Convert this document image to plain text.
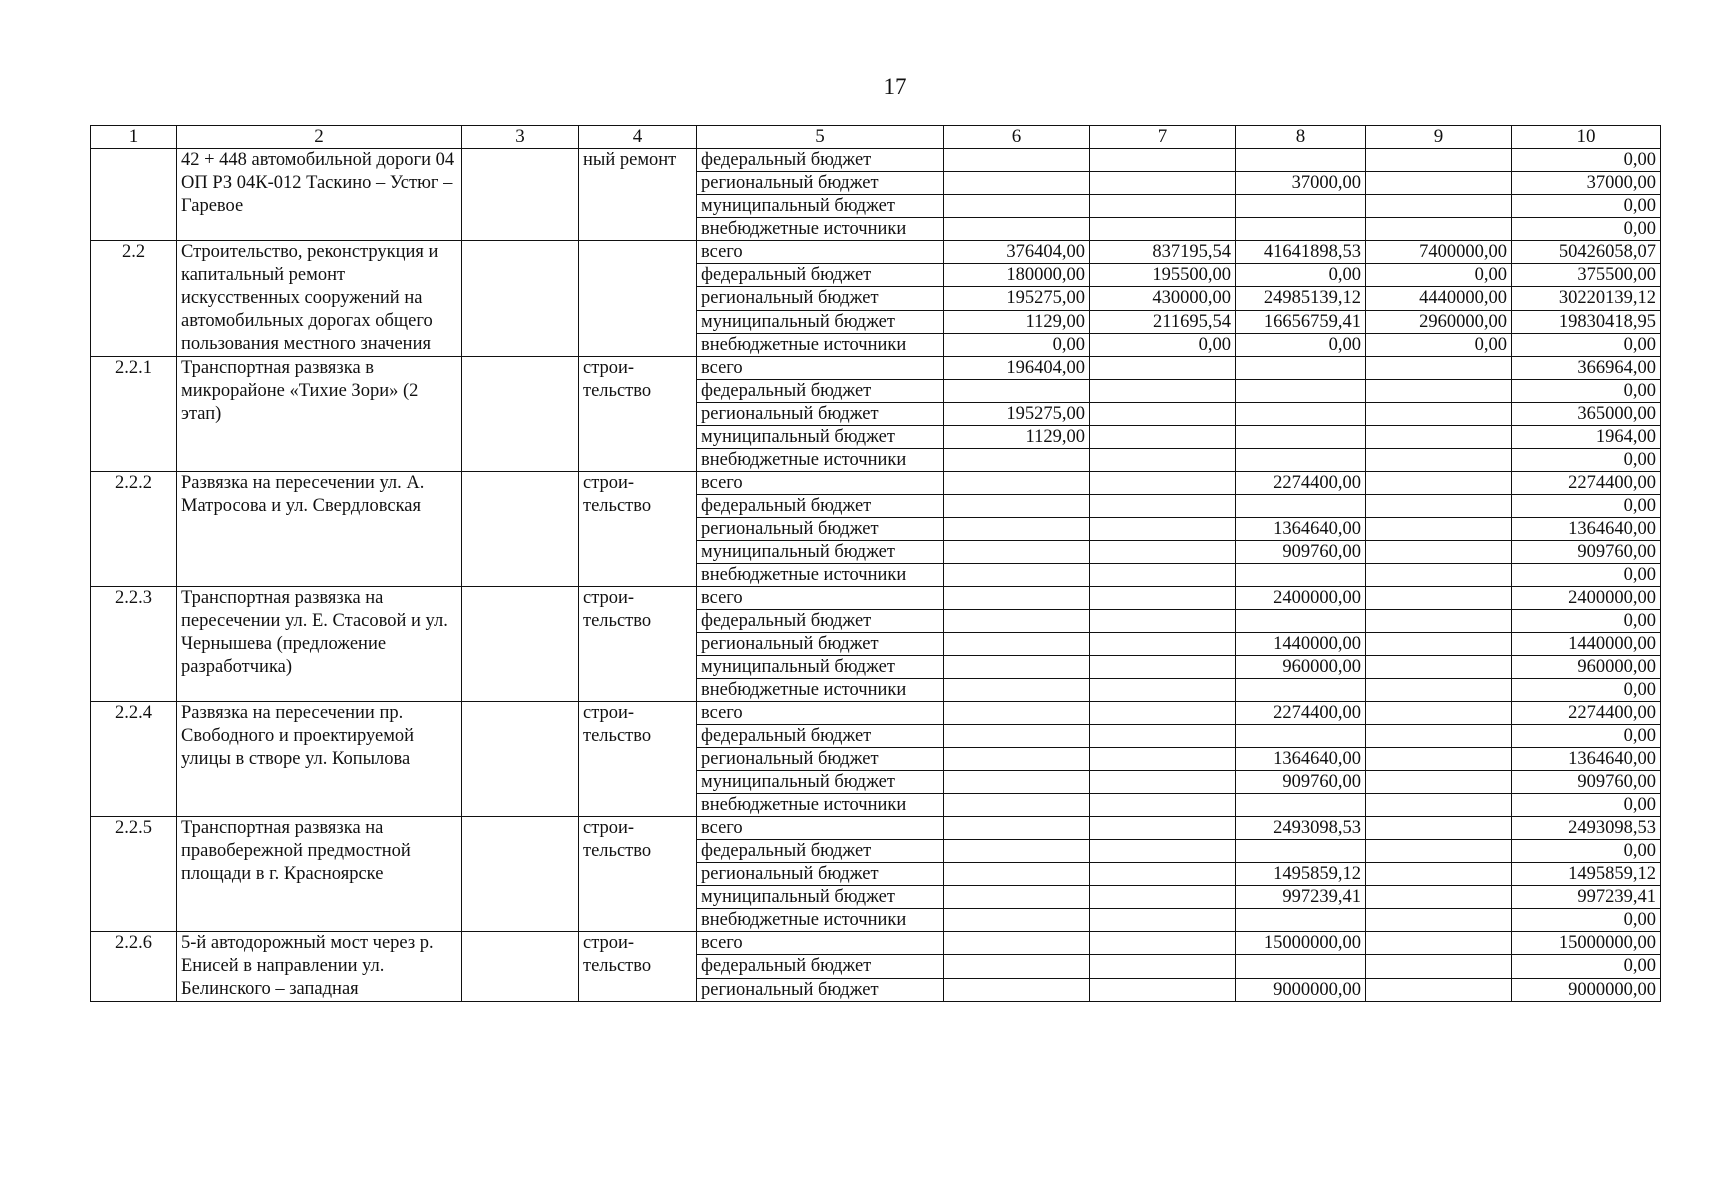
17
1	2	3	4	5	6	7	8	9	10
	42 + 448 автомобильной дороги 04 ОП РЗ 04К-012 Таскино – Устюг – Гаревое		ный ремонт	федеральный бюджет					0,00
				региональный бюджет			37000,00		37000,00
				муниципальный бюджет					0,00
				внебюджетные источники					0,00
2.2	Строительство, реконструкция и капитальный ремонт искусственных сооружений на автомобильных дорогах общего пользования местного значения			всего	376404,00	837195,54	41641898,53	7400000,00	50426058,07
				федеральный бюджет	180000,00	195500,00	0,00	0,00	375500,00
				региональный бюджет	195275,00	430000,00	24985139,12	4440000,00	30220139,12
				муниципальный бюджет	1129,00	211695,54	16656759,41	2960000,00	19830418,95
				внебюджетные источники	0,00	0,00	0,00	0,00	0,00
2.2.1	Транспортная развязка в микрорайоне «Тихие Зори» (2 этап)		строи- тельство	всего	196404,00				366964,00
				федеральный бюджет					0,00
				региональный бюджет	195275,00				365000,00
				муниципальный бюджет	1129,00				1964,00
				внебюджетные источники					0,00
2.2.2	Развязка на пересечении ул. А. Матросова и ул. Свердловская		строи- тельство	всего			2274400,00		2274400,00
				федеральный бюджет					0,00
				региональный бюджет			1364640,00		1364640,00
				муниципальный бюджет			909760,00		909760,00
				внебюджетные источники					0,00
2.2.3	Транспортная развязка на пересечении ул. Е. Стасовой и ул. Чернышева (предложение разработчика)		строи- тельство	всего			2400000,00		2400000,00
				федеральный бюджет					0,00
				региональный бюджет			1440000,00		1440000,00
				муниципальный бюджет			960000,00		960000,00
				внебюджетные источники					0,00
2.2.4	Развязка на пересечении пр. Свободного и проектируемой улицы в створе ул. Копылова		строи- тельство	всего			2274400,00		2274400,00
				федеральный бюджет					0,00
				региональный бюджет			1364640,00		1364640,00
				муниципальный бюджет			909760,00		909760,00
				внебюджетные источники					0,00
2.2.5	Транспортная развязка на правобережной предмостной площади в г. Красноярске		строи- тельство	всего			2493098,53		2493098,53
				федеральный бюджет					0,00
				региональный бюджет			1495859,12		1495859,12
				муниципальный бюджет			997239,41		997239,41
				внебюджетные источники					0,00
2.2.6	5-й автодорожный мост через р. Енисей в направлении ул. Белинского – западная		строи- тельство	всего			15000000,00		15000000,00
				федеральный бюджет					0,00
				региональный бюджет			9000000,00		9000000,00
